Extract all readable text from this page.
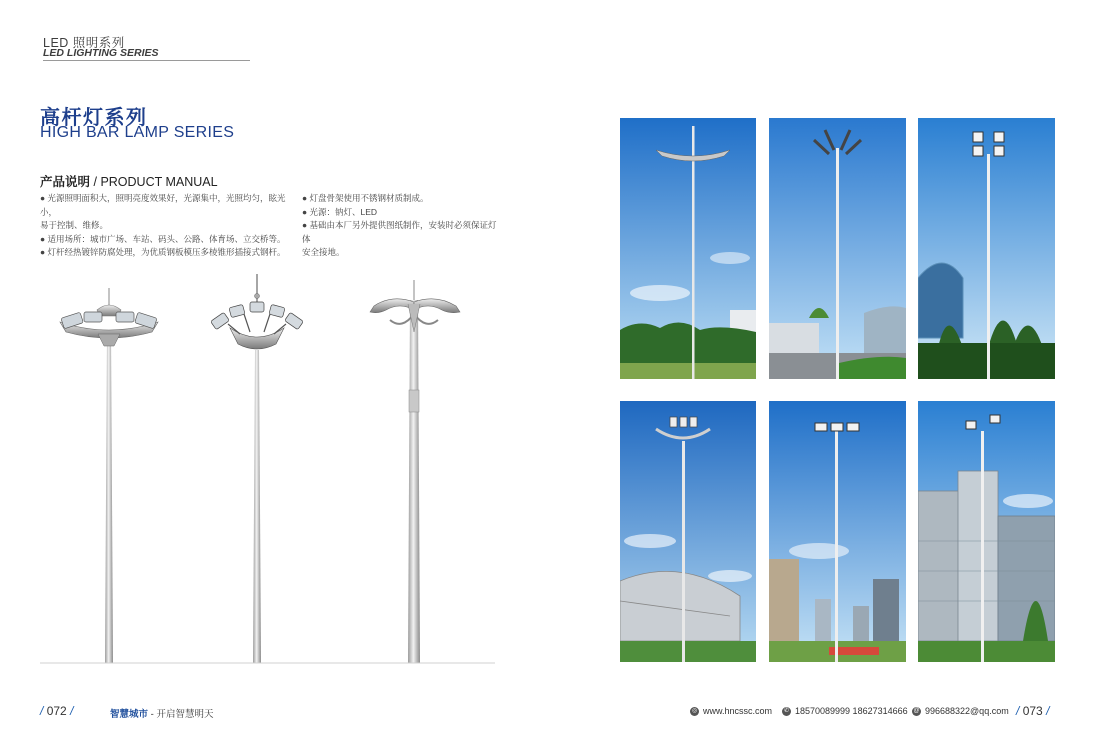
LED 照明系列
LED LIGHTING SERIES
高杆灯系列
HIGH BAR LAMP SERIES
产品说明 / PRODUCT MANUAL
● 光源照明面积大，照明亮度效果好，光源集中，光照均匀，眩光小，
易于控制、维修。
● 适用场所：城市广场、车站、码头、公路、体育场、立交桥等。
● 灯杆经热镀锌防腐处理，为优质钢板模压多棱锥形插接式钢杆。
● 灯盘骨架使用不锈钢材质制成。
● 光源：钠灯、LED
● 基础由本厂另外提供图纸制作，安装时必须保证灯体
安全接地。
/ 072 /	智慧城市 - 开启智慧明天	◎ www.hncssc.com	✆ 18570089999 18627314666 @ 996688322@qq.com / 073 /
